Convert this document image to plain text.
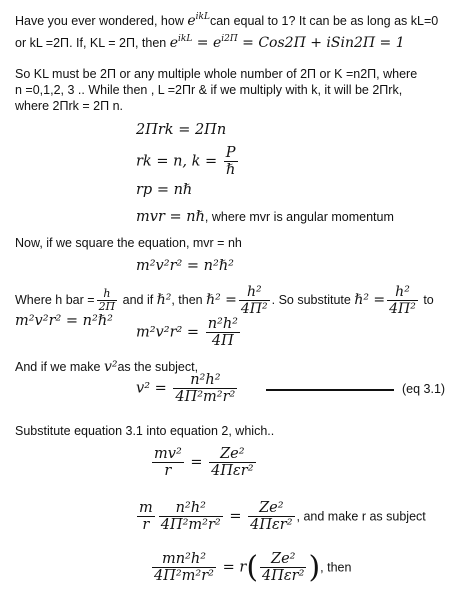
Have you ever wondered, how $e^{ikL}can$ equal to 1? It can be as long as kL=0
or kL =2Π. If, KL = 2Π, then $e^{ikL} = e^{i2\Pi} = Cos2\Pi$ + iSin2Π = 1
So KL must be 2Π or any multiple whole number of 2Π or K =n2Π, where
n =0,1,2, 3 .. While then , L =2Πr & if we multiply with k, it will be 2Πrk,
where 2Πrk = 2Π n.
2Πrk = 2Πn
rk = n, $k = \frac{P}{\text{ℏ}}$
rp = nℏ
mvr = nℏ, where mvr is angular momentum
Now, if we square the equation, mvr = nh
m²v²r² = n²ℏ²
Where h bar = $\frac{h}{2\Pi}$ and if ℏ², then ℏ² = $\frac{\text{h²}}{\text{4Π²}}$ . So substitute ℏ² = $\frac{\text{h²}}{\text{4Π²}}$ to
m²v²r² = n²ℏ²
$m^2v^2r^2 = \frac{\text{n²h²}}{4\Pi}$
And if we make v²as the subject,
$v^2 = \frac{\text{n²h²}}{\text{4Π²m²r²}}$	(eq 3.1)
Substitute equation 3.1 into equation 2, which..
$\frac{\text{mv²}}{r} = \frac{\text{Ze²}}{\text{4Πεr²}}$
$\frac{m}{r} \frac{\text{n²h²}}{\text{4Π²m²r²}} = \frac{\text{Ze²}}{\text{4Πεr²}}$ , and make r as subject
$\frac{\text{mn²h²}}{\text{4Π²m²r²}} = r( \frac{\text{Ze²}}{\text{4Πεr²}}$ ), then
